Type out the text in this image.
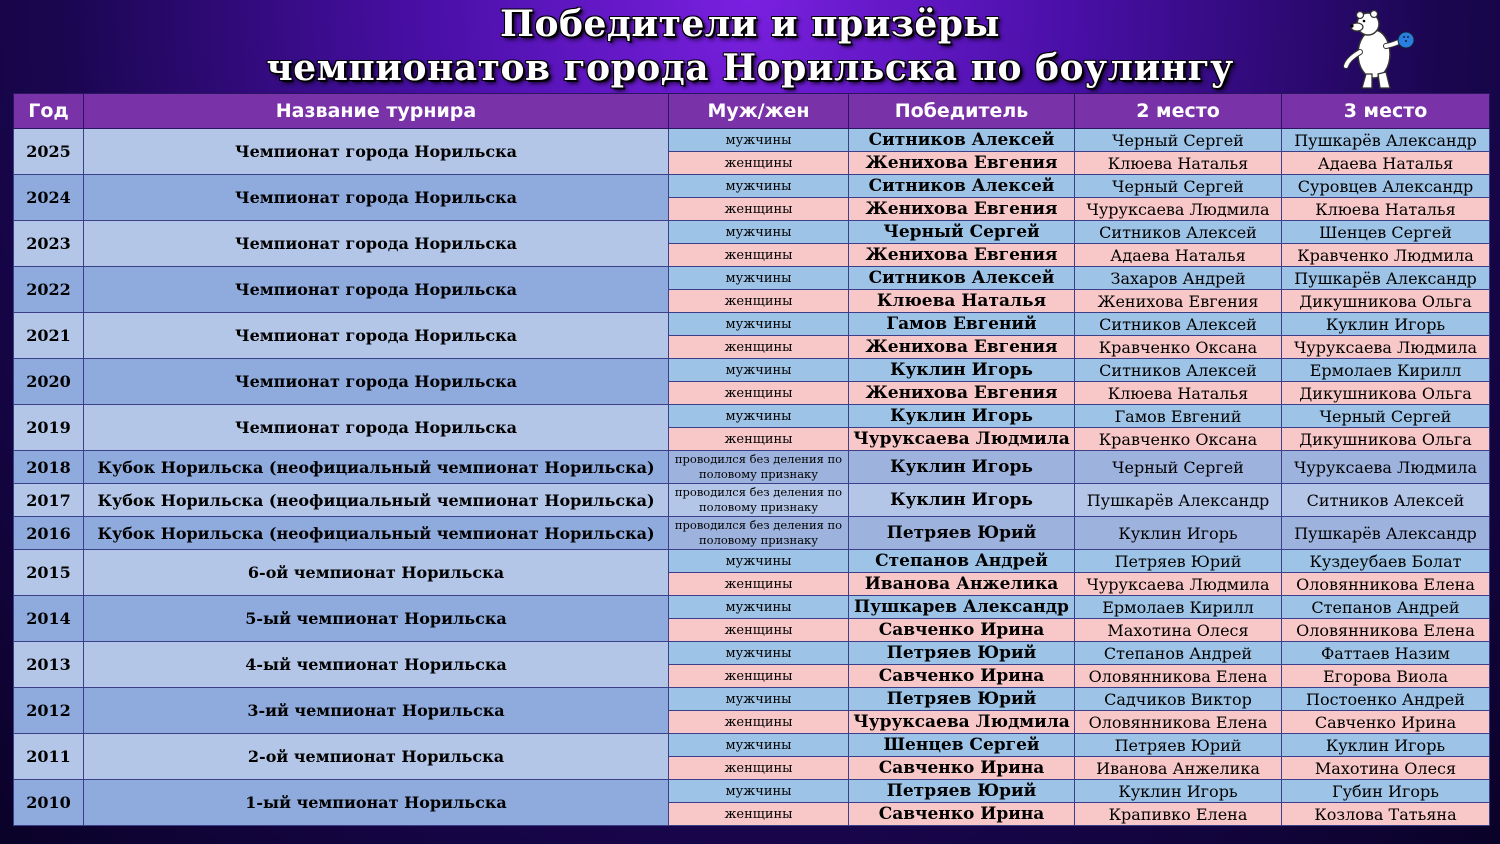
Победители и призёры
чемпионатов города Норильска по боулингу
Год	Название турнира	Муж/жен	Победитель	2 место	3 место
2025	Чемпионат города Норильска	мужчины	Ситников Алексей	Черный Сергей	Пушкарёв Александр
		женщины	Женихова Евгения	Клюева Наталья	Адаева Наталья
2024	Чемпионат города Норильска	мужчины	Ситников Алексей	Черный Сергей	Суровцев Александр
		женщины	Женихова Евгения	Чуруксаева Людмила	Клюева Наталья
2023	Чемпионат города Норильска	мужчины	Черный Сергей	Ситников Алексей	Шенцев Сергей
		женщины	Женихова Евгения	Адаева Наталья	Кравченко Людмила
2022	Чемпионат города Норильска	мужчины	Ситников Алексей	Захаров Андрей	Пушкарёв Александр
		женщины	Клюева Наталья	Женихова Евгения	Дикушникова Ольга
2021	Чемпионат города Норильска	мужчины	Гамов Евгений	Ситников Алексей	Куклин Игорь
		женщины	Женихова Евгения	Кравченко Оксана	Чуруксаева Людмила
2020	Чемпионат города Норильска	мужчины	Куклин Игорь	Ситников Алексей	Ермолаев Кирилл
		женщины	Женихова Евгения	Клюева Наталья	Дикушникова Ольга
2019	Чемпионат города Норильска	мужчины	Куклин Игорь	Гамов Евгений	Черный Сергей
		женщины	Чуруксаева Людмила	Кравченко Оксана	Дикушникова Ольга
2018	Кубок Норильска (неофициальный чемпионат Норильска)	проводился без деления по половому признаку	Куклин Игорь	Черный Сергей	Чуруксаева Людмила
2017	Кубок Норильска (неофициальный чемпионат Норильска)	проводился без деления по половому признаку	Куклин Игорь	Пушкарёв Александр	Ситников Алексей
2016	Кубок Норильска (неофициальный чемпионат Норильска)	проводился без деления по половому признаку	Петряев Юрий	Куклин Игорь	Пушкарёв Александр
2015	6-ой чемпионат Норильска	мужчины	Степанов Андрей	Петряев Юрий	Куздеубаев Болат
		женщины	Иванова Анжелика	Чуруксаева Людмила	Оловянникова Елена
2014	5-ый чемпионат Норильска	мужчины	Пушкарев Александр	Ермолаев Кирилл	Степанов Андрей
		женщины	Савченко Ирина	Махотина Олеся	Оловянникова Елена
2013	4-ый чемпионат Норильска	мужчины	Петряев Юрий	Степанов Андрей	Фаттаев Назим
		женщины	Савченко Ирина	Оловянникова Елена	Егорова Виола
2012	3-ий чемпионат Норильска	мужчины	Петряев Юрий	Садчиков Виктор	Постоенко Андрей
		женщины	Чуруксаева Людмила	Оловянникова Елена	Савченко Ирина
2011	2-ой чемпионат Норильска	мужчины	Шенцев Сергей	Петряев Юрий	Куклин Игорь
		женщины	Савченко Ирина	Иванова Анжелика	Махотина Олеся
2010	1-ый чемпионат Норильска	мужчины	Петряев Юрий	Куклин Игорь	Губин Игорь
		женщины	Савченко Ирина	Крапивко Елена	Козлова Татьяна
